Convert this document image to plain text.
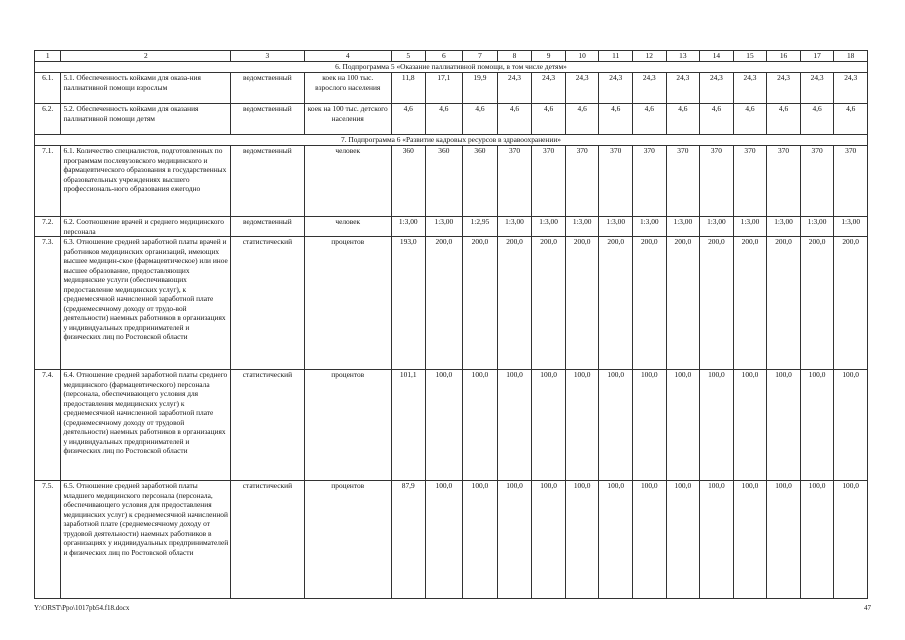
1	2	3	4	5	6	7	8	9	10	11	12	13	14	15	16	17	18
6. Подпрограмма 5 «Оказание паллиативной помощи, в том числе детям»																	
6.1.	5.1. Обеспеченность койками для оказа-ния паллиативной помощи взрослым	ведомственный	коек на 100 тыс. взрослого населения	11,8	17,1	19,9	24,3	24,3	24,3	24,3	24,3	24,3	24,3	24,3	24,3	24,3	24,3
6.2.	5.2. Обеспеченность койками для оказания паллиативной помощи детям	ведомственный	коек на 100 тыс. детского населения	4,6	4,6	4,6	4,6	4,6	4,6	4,6	4,6	4,6	4,6	4,6	4,6	4,6	4,6
7. Подпрограмма 6 «Развитие кадровых ресурсов в здравоохранении»																	
7.1.	6.1. Количество специалистов, подготовленных по программам послевузовского медицинского и фармацевтического образования в государственных образовательных учреждениях высшего профессиональ-ного образования ежегодно	ведомственный	человек	360	360	360	370	370	370	370	370	370	370	370	370	370	370
7.2.	6.2. Соотношение врачей и среднего медицинского персонала	ведомственный	человек	1:3,00	1:3,00	1:2,95	1:3,00	1:3,00	1:3,00	1:3,00	1:3,00	1:3,00	1:3,00	1:3,00	1:3,00	1:3,00	1:3,00
7.3.	6.3. Отношение средней заработной платы врачей и работников медицинских организаций, имеющих высшее медицин-ское (фармацевтическое) или иное высшее образование, предоставляющих медицинские услуги (обеспечивающих предоставление медицинских услуг), к среднемесячной начисленной заработной плате (среднемесячному доходу от трудо-вой деятельности) наемных работников в организациях у индивидуальных предпринимателей и физических лиц по Ростовской области	статистический	процентов	193,0	200,0	200,0	200,0	200,0	200,0	200,0	200,0	200,0	200,0	200,0	200,0	200,0	200,0
7.4.	6.4. Отношение средней заработной платы среднего медицинского (фармацевтического) персонала (персонала, обеспечивающего условия для предоставления медицинских услуг) к среднемесячной начисленной заработной плате (среднемесячному доходу от трудовой деятельности) наемных работников в организациях у индивидуальных предпринимателей и физических лиц по Ростовской области	статистический	процентов	101,1	100,0	100,0	100,0	100,0	100,0	100,0	100,0	100,0	100,0	100,0	100,0	100,0	100,0
7.5.	6.5. Отношение средней заработной платы младшего медицинского персонала (персонала, обеспечивающего условия для предоставления медицинских услуг) к среднемесячной начисленной заработной плате (среднемесячному доходу от трудовой деятельности) наемных работников в организациях у индивидуальных предпринимателей и физических лиц по Ростовской области	статистический	процентов	87,9	100,0	100,0	100,0	100,0	100,0	100,0	100,0	100,0	100,0	100,0	100,0	100,0	100,0
Y:\ORST\Ppo\1017pb54.f18.docx	47
